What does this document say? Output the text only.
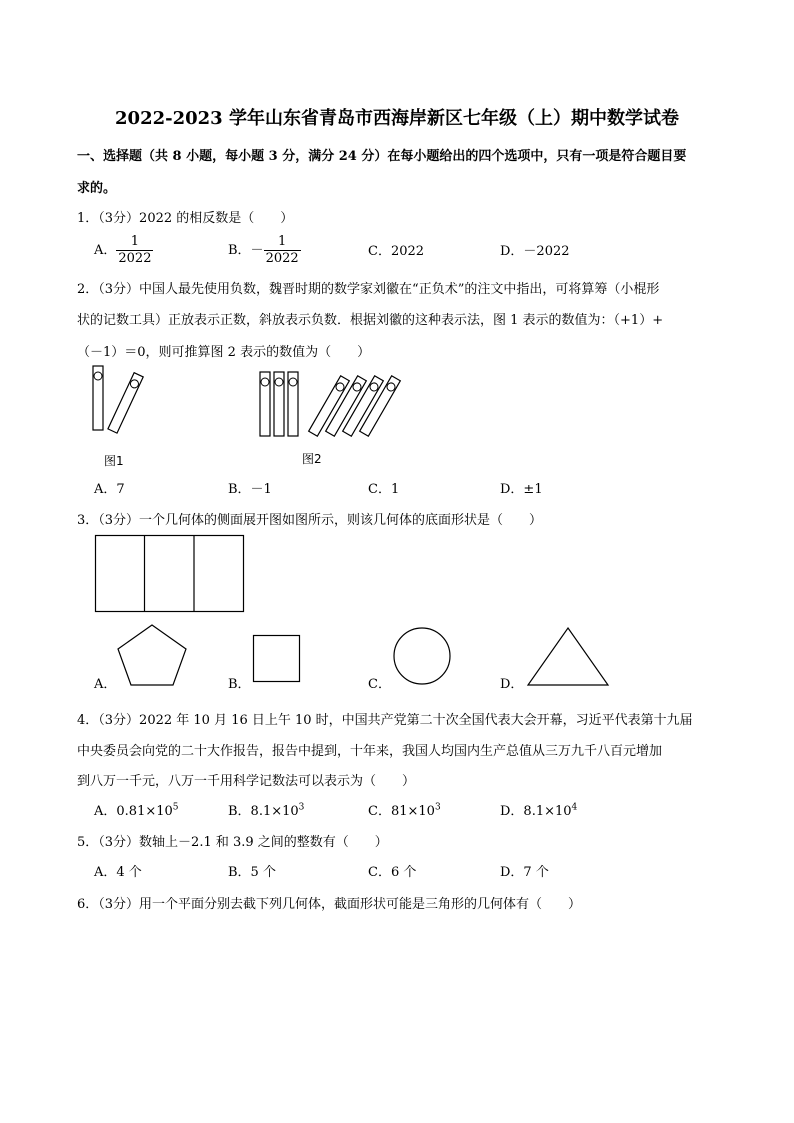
2022-2023 学年山东省青岛市西海岸新区七年级（上）期中数学试卷
一、选择题（共 8 小题，每小题 3 分，满分 24 分）在每小题给出的四个选项中，只有一项是符合题目要
求的。
1．（3分）2022 的相反数是（　　）
A． $\frac{1}{2022}$	B．－ $\frac{1}{2022}$	C．2022	D．－2022
2．（3分）中国人最先使用负数，魏晋时期的数学家刘徽在“正负术”的注文中指出，可将算筹（小棍形
状的记数工具）正放表示正数，斜放表示负数．根据刘徽的这种表示法，图 1 表示的数值为：（+1）+
（－1）＝0，则可推算图 2 表示的数值为（　　）
图1	图2
A．7	B．－1	C．1	D．±1
3．（3分）一个几何体的侧面展开图如图所示，则该几何体的底面形状是（　　）
A．	B．	C．	D．
4．（3分）2022 年 10 月 16 日上午 10 时，中国共产党第二十次全国代表大会开幕，习近平代表第十九届
中央委员会向党的二十大作报告，报告中提到，十年来，我国人均国内生产总值从三万九千八百元增加
到八万一千元，八万一千用科学记数法可以表示为（　　）
A．$0.81\times 10^5$	B．$8.1\times 10^3$	C．$81\times 10^3$	D．$8.1\times 10^4$
5．（3分）数轴上－2.1 和 3.9 之间的整数有（　　）
A．4 个	B．5 个	C．6 个	D．7 个
6．（3分）用一个平面分别去截下列几何体，截面形状可能是三角形的几何体有（　　）
